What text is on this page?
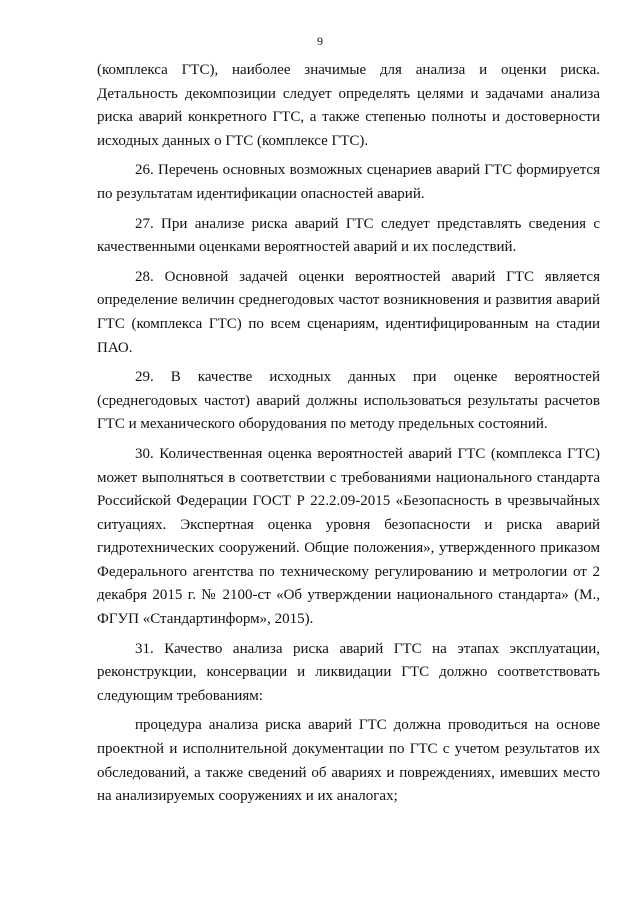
9

(комплекса ГТС), наиболее значимые для анализа и оценки риска. Детальность декомпозиции следует определять целями и задачами анализа риска аварий конкретного ГТС, а также степенью полноты и достоверности исходных данных о ГТС (комплексе ГТС).

26. Перечень основных возможных сценариев аварий ГТС формируется по результатам идентификации опасностей аварий.

27. При анализе риска аварий ГТС следует представлять сведения с качественными оценками вероятностей аварий и их последствий.

28. Основной задачей оценки вероятностей аварий ГТС является определение величин среднегодовых частот возникновения и развития аварий ГТС (комплекса ГТС) по всем сценариям, идентифицированным на стадии ПАО.

29. В качестве исходных данных при оценке вероятностей (среднегодовых частот) аварий должны использоваться результаты расчетов ГТС и механического оборудования по методу предельных состояний.

30. Количественная оценка вероятностей аварий ГТС (комплекса ГТС) может выполняться в соответствии с требованиями национального стандарта Российской Федерации ГОСТ Р 22.2.09-2015 «Безопасность в чрезвычайных ситуациях. Экспертная оценка уровня безопасности и риска аварий гидротехнических сооружений. Общие положения», утвержденного приказом Федерального агентства по техническому регулированию и метрологии от 2 декабря 2015 г. № 2100-ст «Об утверждении национального стандарта» (М., ФГУП «Стандартинформ», 2015).

31. Качество анализа риска аварий ГТС на этапах эксплуатации, реконструкции, консервации и ликвидации ГТС должно соответствовать следующим требованиям:

процедура анализа риска аварий ГТС должна проводиться на основе проектной и исполнительной документации по ГТС с учетом результатов их обследований, а также сведений об авариях и повреждениях, имевших место на анализируемых сооружениях и их аналогах;
